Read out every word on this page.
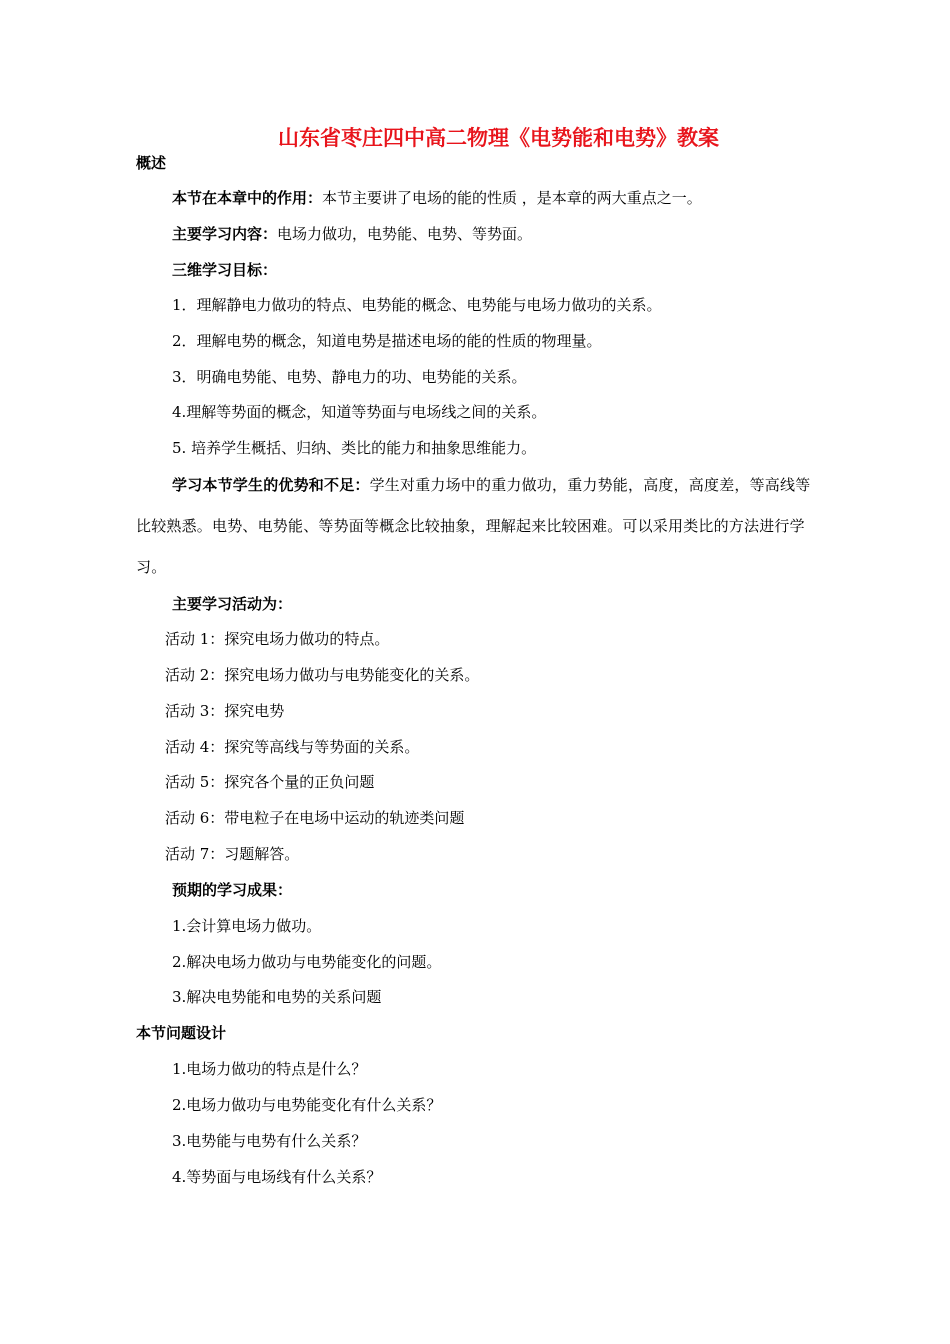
山东省枣庄四中高二物理《电势能和电势》教案
概述
本节在本章中的作用：本节主要讲了电场的能的性质 ，是本章的两大重点之一。
主要学习内容：电场力做功，电势能、电势、等势面。
三维学习目标：
1．理解静电力做功的特点、电势能的概念、电势能与电场力做功的关系。
2．理解电势的概念，知道电势是描述电场的能的性质的物理量。
3．明确电势能、电势、静电力的功、电势能的关系。
4.理解等势面的概念，知道等势面与电场线之间的关系。
5. 培养学生概括、归纳、类比的能力和抽象思维能力。
学习本节学生的优势和不足：学生对重力场中的重力做功，重力势能，高度，高度差，等高线等比较熟悉。电势、电势能、等势面等概念比较抽象，理解起来比较困难。可以采用类比的方法进行学习。
主要学习活动为：
活动 1：探究电场力做功的特点。
活动 2：探究电场力做功与电势能变化的关系。
活动 3：探究电势
活动 4：探究等高线与等势面的关系。
活动 5：探究各个量的正负问题
活动 6：带电粒子在电场中运动的轨迹类问题
活动 7：习题解答。
预期的学习成果：
1.会计算电场力做功。
2.解决电场力做功与电势能变化的问题。
3.解决电势能和电势的关系问题
本节问题设计
1.电场力做功的特点是什么？
2.电场力做功与电势能变化有什么关系？
3.电势能与电势有什么关系？
4.等势面与电场线有什么关系？
